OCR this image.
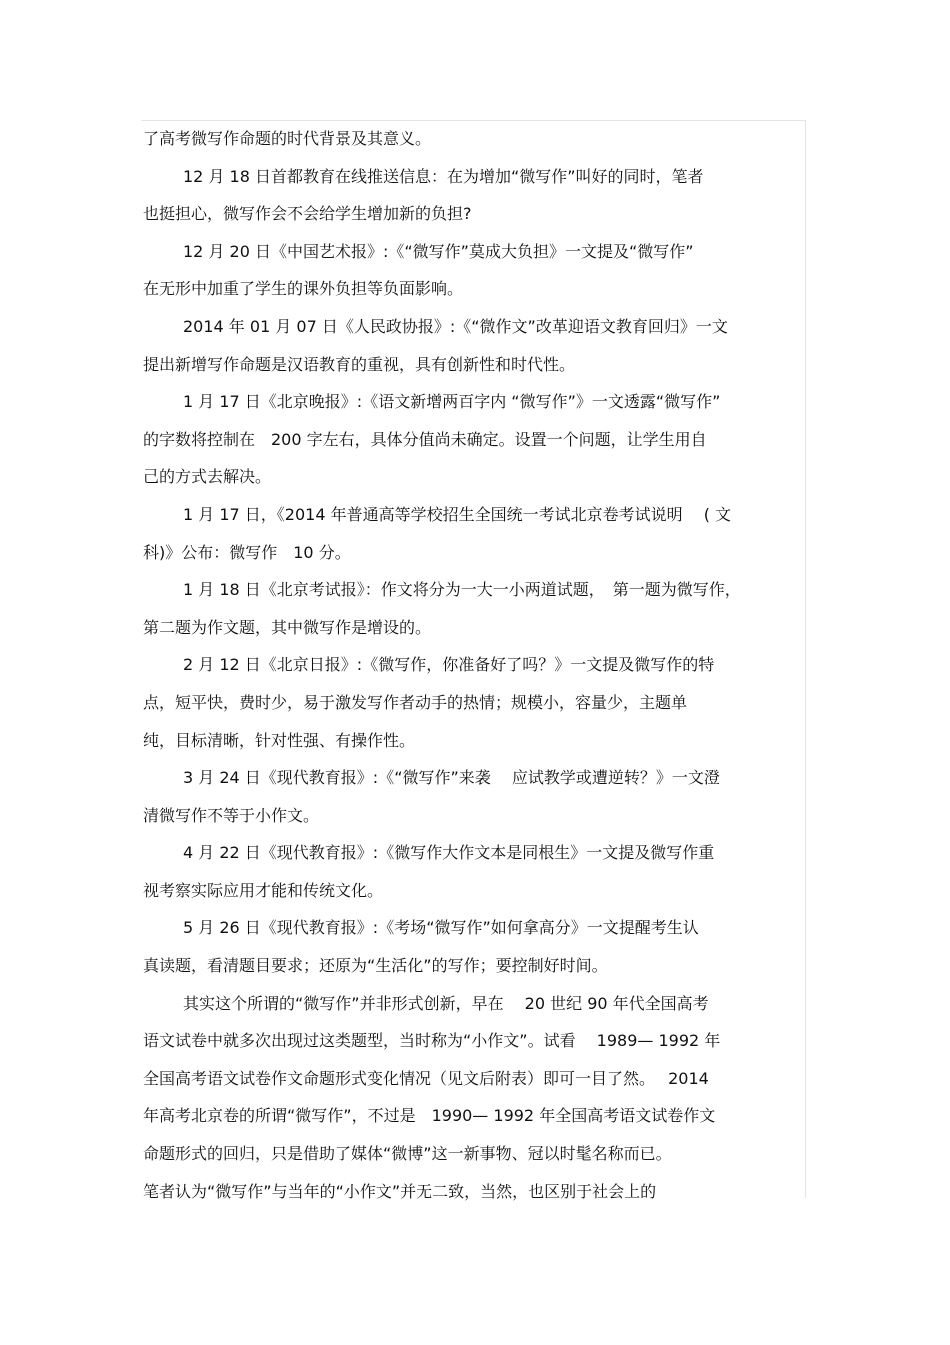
了高考微写作命题的时代背景及其意义。
12 月 18 日首都教育在线推送信息：在为增加“微写作”叫好的同时，笔者
也挺担心，微写作会不会给学生增加新的负担?
12 月 20 日《中国艺术报》:《“微写作”莫成大负担》一文提及“微写作”
在无形中加重了学生的课外负担等负面影响。
2014 年 01 月 07 日《人民政协报》:《“微作文”改革迎语文教育回归》一文
提出新增写作命题是汉语教育的重视，具有创新性和时代性。
1 月 17 日《北京晚报》:《语文新增两百字内 “微写作”》一文透露“微写作”
的字数将控制在　200 字左右，具体分值尚未确定。设置一个问题，让学生用自
己的方式去解决。
1 月 17 日，《2014 年普通高等学校招生全国统一考试北京卷考试说明　 ( 文
科)》公布：微写作　10 分。
1 月 18 日《北京考试报》：作文将分为一大一小两道试题，　第一题为微写作，
第二题为作文题，其中微写作是增设的。
2 月 12 日《北京日报》:《微写作，你准备好了吗？》一文提及微写作的特
点，短平快，费时少，易于激发写作者动手的热情；规模小，容量少，主题单
纯，目标清晰，针对性强、有操作性。
3 月 24 日《现代教育报》:《“微写作”来袭　 应试教学或遭逆转？》一文澄
清微写作不等于小作文。
4 月 22 日《现代教育报》:《微写作大作文本是同根生》一文提及微写作重
视考察实际应用才能和传统文化。
5 月 26 日《现代教育报》:《考场“微写作”如何拿高分》一文提醒考生认
真读题，看清题目要求；还原为“生活化”的写作；要控制好时间。
其实这个所谓的“微写作”并非形式创新，早在　 20 世纪 90 年代全国高考
语文试卷中就多次出现过这类题型，当时称为“小作文”。试看　 1989— 1992 年
全国高考语文试卷作文命题形式变化情况（见文后附表）即可一目了然。　 2014
年高考北京卷的所谓“微写作”，不过是　1990— 1992 年全国高考语文试卷作文
命题形式的回归，只是借助了媒体“微博”这一新事物、冠以时髦名称而已。
笔者认为“微写作”与当年的“小作文”并无二致，当然，也区别于社会上的
